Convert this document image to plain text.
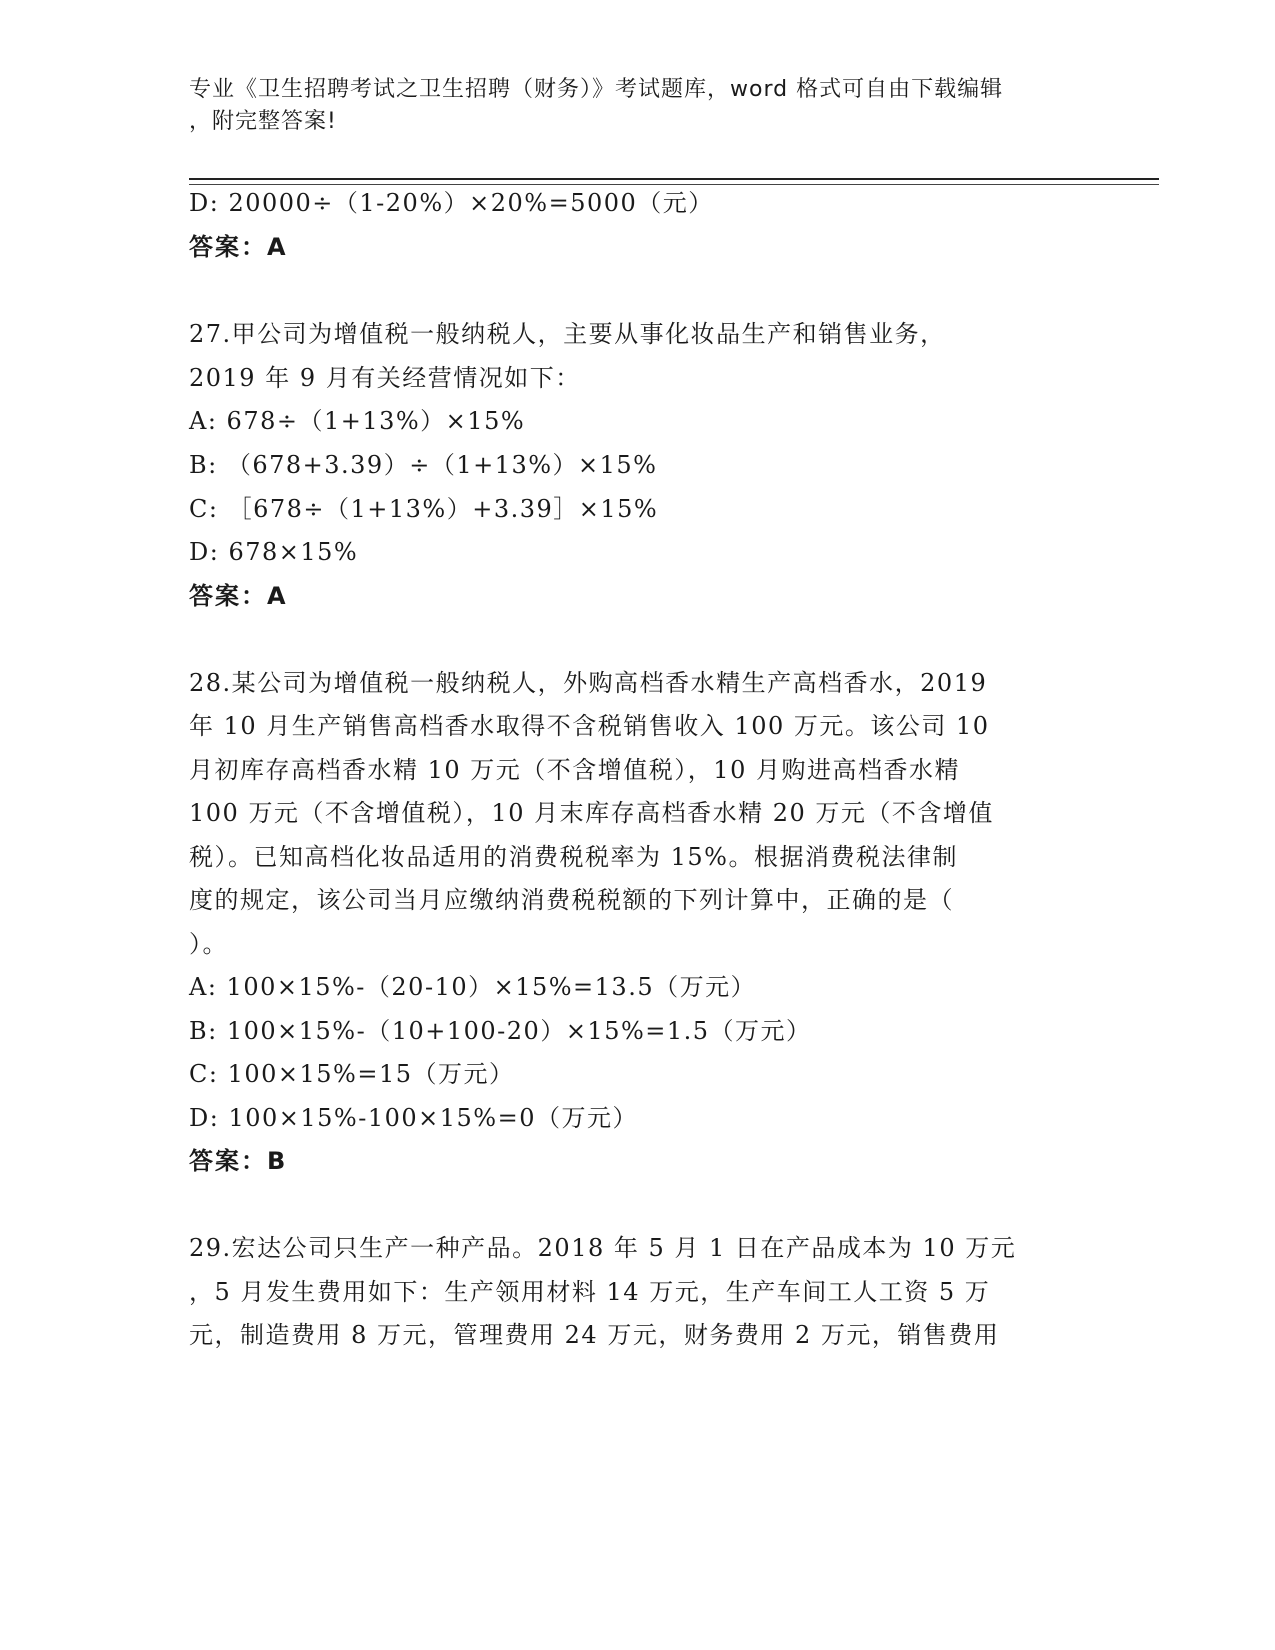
专业《卫生招聘考试之卫生招聘（财务）》考试题库，word 格式可自由下载编辑
，附完整答案!
D: 20000÷（1-20%）×20%=5000（元）
答案：A
27.甲公司为增值税一般纳税人，主要从事化妆品生产和销售业务，
2019 年 9 月有关经营情况如下：
A: 678÷（1+13%）×15%
B: （678+3.39）÷（1+13%）×15%
C: ［678÷（1+13%）+3.39］×15%
D: 678×15%
答案：A
28.某公司为增值税一般纳税人，外购高档香水精生产高档香水，2019
年 10 月生产销售高档香水取得不含税销售收入 100 万元。该公司 10
月初库存高档香水精 10 万元（不含增值税），10 月购进高档香水精
100 万元（不含增值税），10 月末库存高档香水精 20 万元（不含增值
税）。已知高档化妆品适用的消费税税率为 15%。根据消费税法律制
度的规定，该公司当月应缴纳消费税税额的下列计算中，正确的是（
）。
A: 100×15%-（20-10）×15%=13.5（万元）
B: 100×15%-（10+100-20）×15%=1.5（万元）
C: 100×15%=15（万元）
D: 100×15%-100×15%=0（万元）
答案：B
29.宏达公司只生产一种产品。2018 年 5 月 1 日在产品成本为 10 万元
，5 月发生费用如下：生产领用材料 14 万元，生产车间工人工资 5 万
元，制造费用 8 万元，管理费用 24 万元，财务费用 2 万元，销售费用
